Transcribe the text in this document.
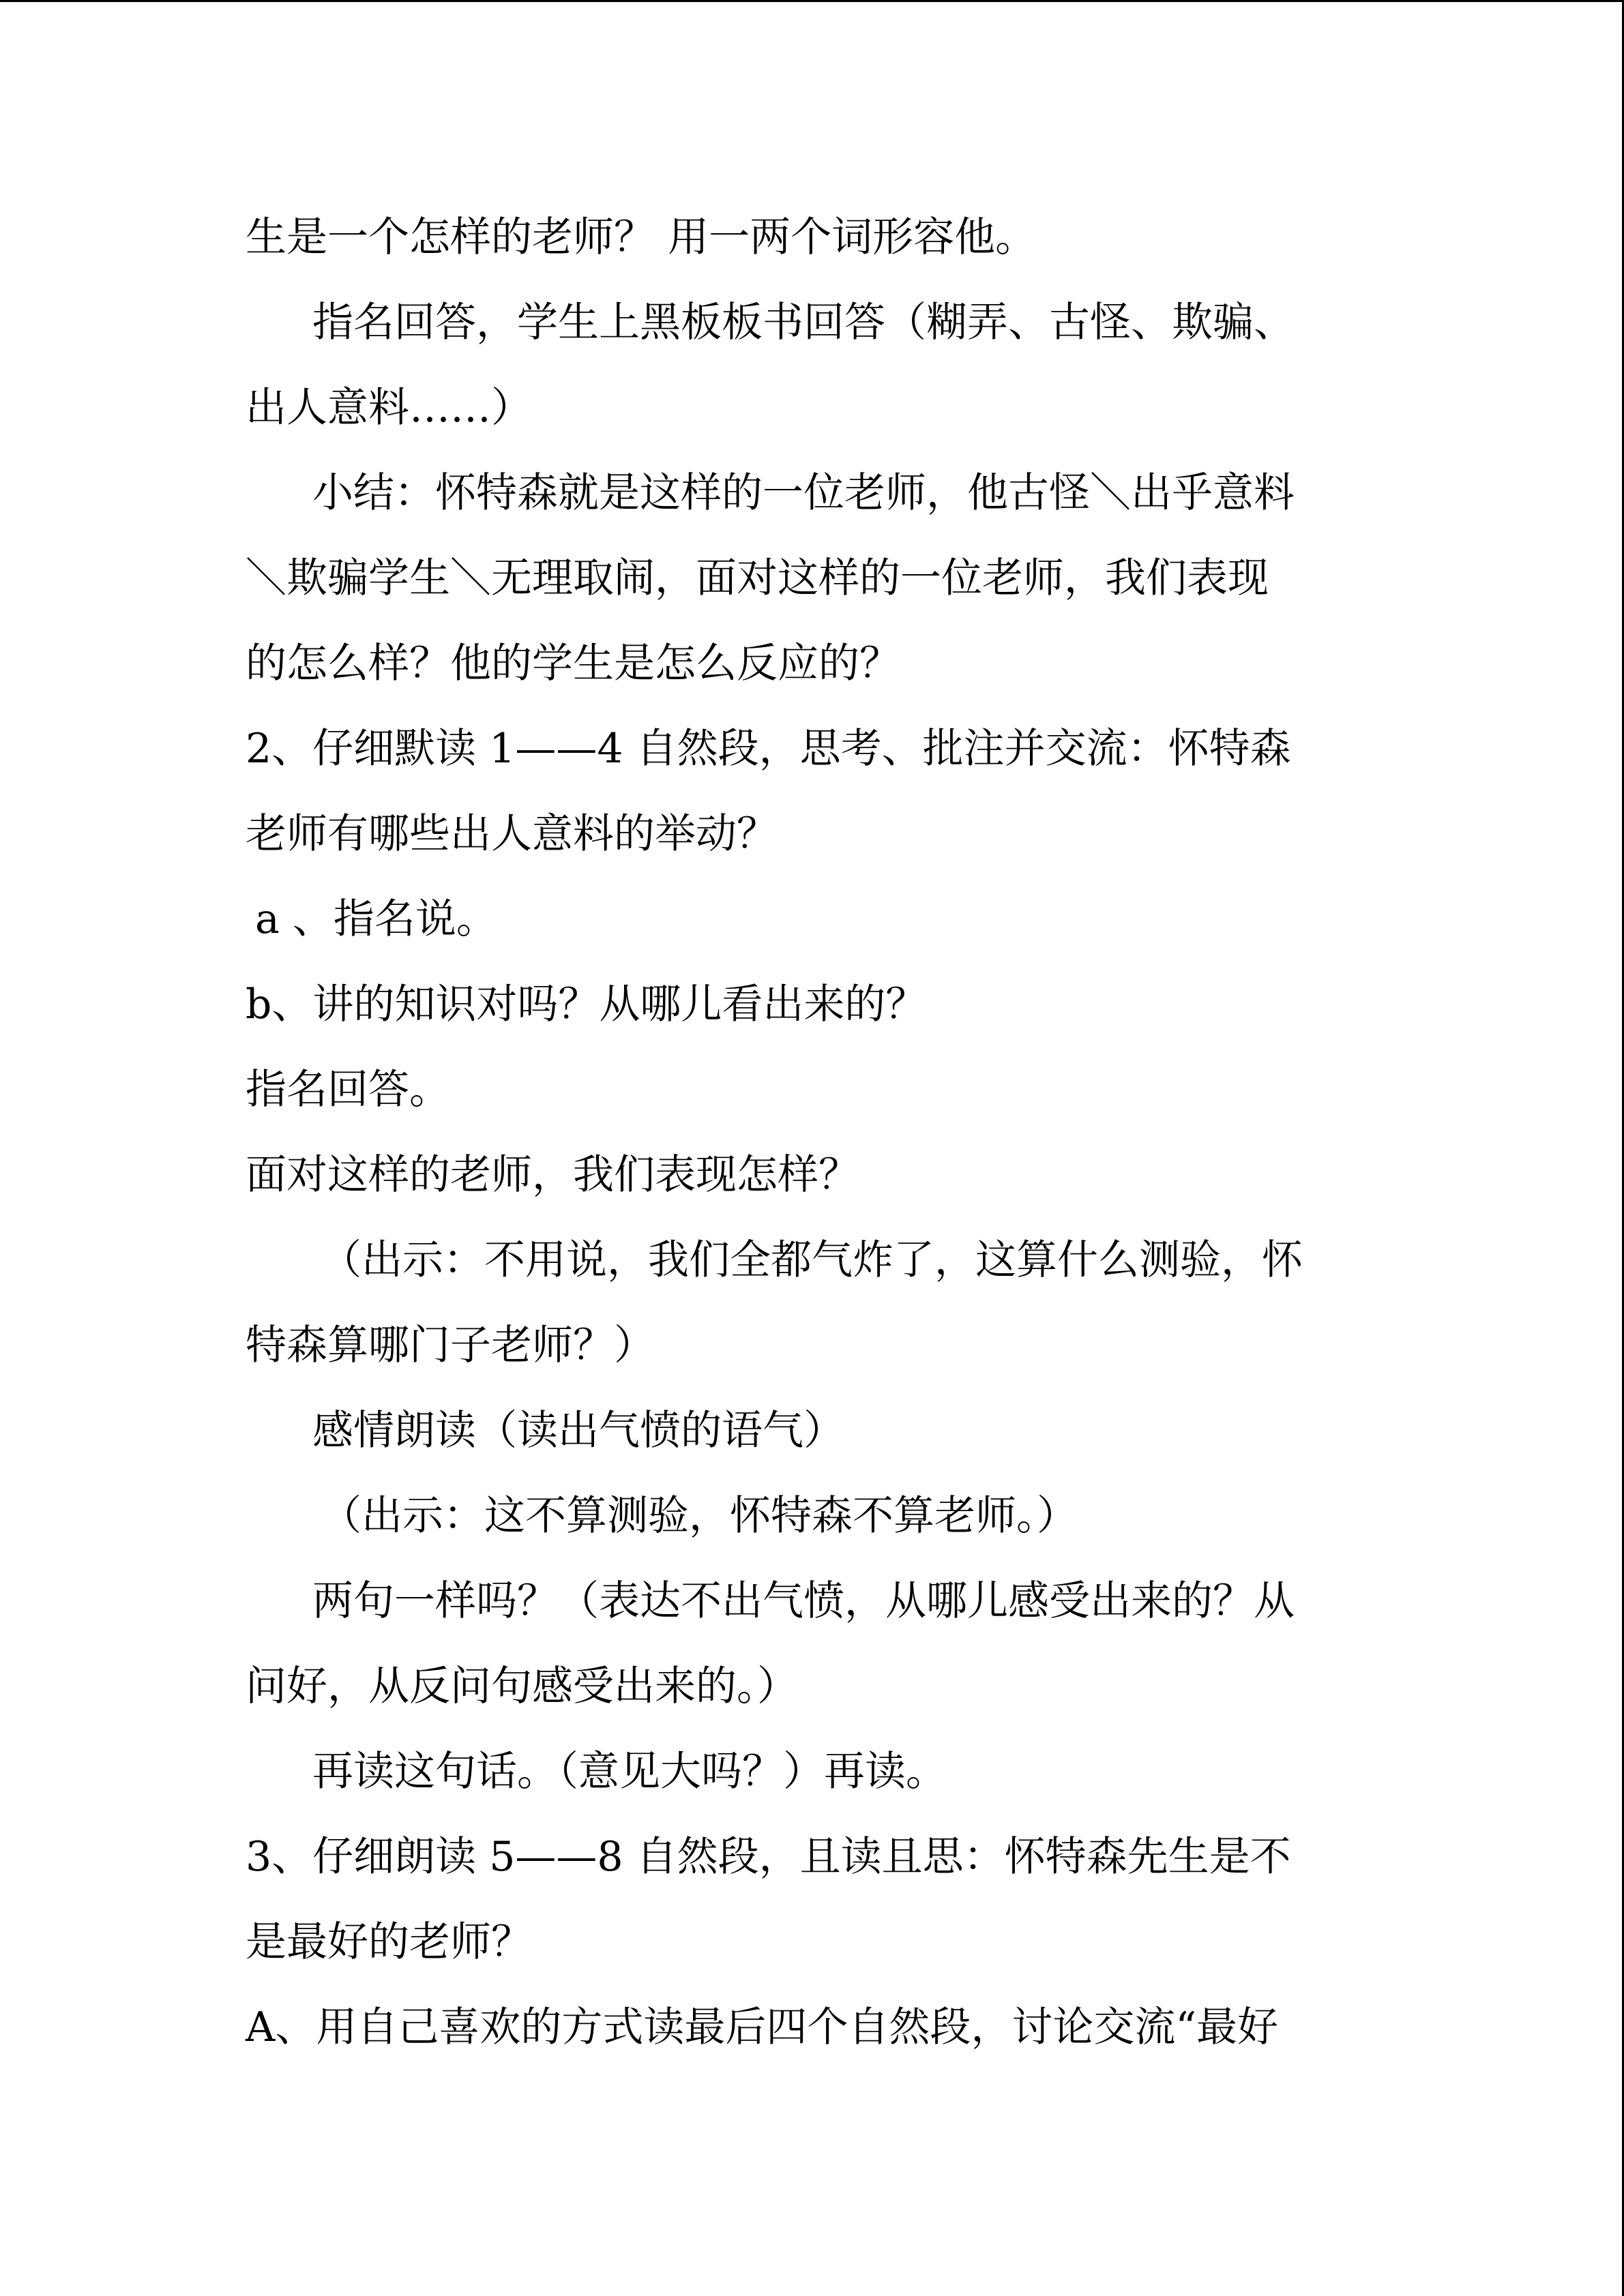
生是一个怎样的老师？ 用一两个词形容他。
指名回答，学生上黑板板书回答（糊弄、古怪、欺骗、
出人意料……）
小结：怀特森就是这样的一位老师，他古怪＼出乎意料
＼欺骗学生＼无理取闹，面对这样的一位老师，我们表现
的怎么样？他的学生是怎么反应的？
2、仔细默读 1——4 自然段，思考、批注并交流：怀特森
老师有哪些出人意料的举动？
a 、指名说。
b、讲的知识对吗？从哪儿看出来的？
指名回答。
面对这样的老师，我们表现怎样？
（出示：不用说，我们全都气炸了，这算什么测验，怀
特森算哪门子老师？）
感情朗读（读出气愤的语气）
（出示：这不算测验，怀特森不算老师。）
两句一样吗？（表达不出气愤，从哪儿感受出来的？从
问好，从反问句感受出来的。）
再读这句话。（意见大吗？）再读。
3、仔细朗读 5——8 自然段，且读且思：怀特森先生是不
是最好的老师？
A、用自己喜欢的方式读最后四个自然段，讨论交流“最好
